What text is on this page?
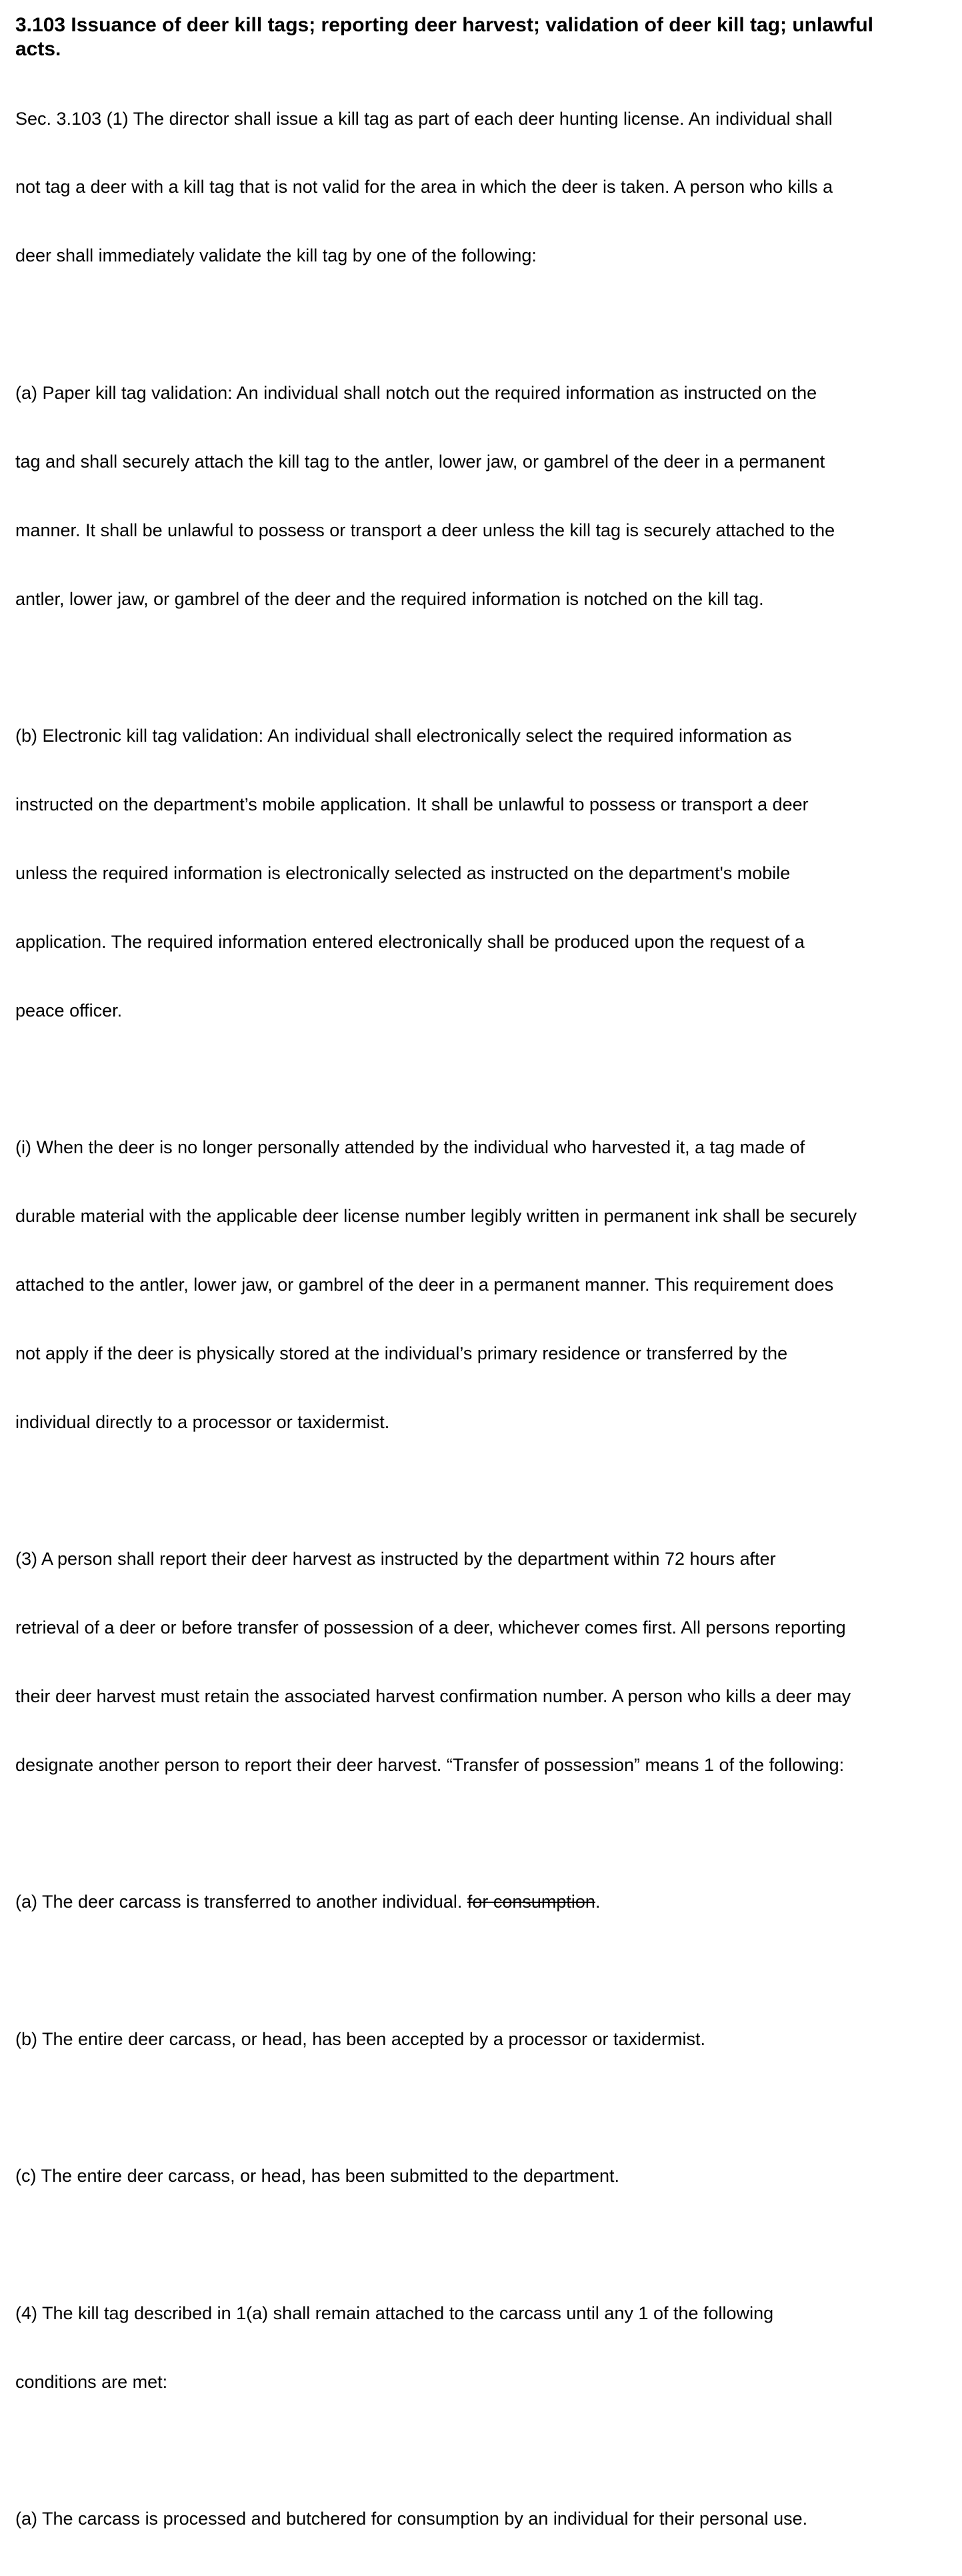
3.103 Issuance of deer kill tags; reporting deer harvest; validation of deer kill tag; unlawful acts.

Sec. 3.103 (1) The director shall issue a kill tag as part of each deer hunting license. An individual shall

not tag a deer with a kill tag that is not valid for the area in which the deer is taken. A person who kills a

deer shall immediately validate the kill tag by one of the following:

(a) Paper kill tag validation: An individual shall notch out the required information as instructed on the

tag and shall securely attach the kill tag to the antler, lower jaw, or gambrel of the deer in a permanent

manner. It shall be unlawful to possess or transport a deer unless the kill tag is securely attached to the

antler, lower jaw, or gambrel of the deer and the required information is notched on the kill tag.

(b) Electronic kill tag validation: An individual shall electronically select the required information as

instructed on the department’s mobile application. It shall be unlawful to possess or transport a deer

unless the required information is electronically selected as instructed on the department's mobile

application. The required information entered electronically shall be produced upon the request of a

peace officer.

(i) When the deer is no longer personally attended by the individual who harvested it, a tag made of

durable material with the applicable deer license number legibly written in permanent ink shall be securely

attached to the antler, lower jaw, or gambrel of the deer in a permanent manner. This requirement does

not apply if the deer is physically stored at the individual’s primary residence or transferred by the

individual directly to a processor or taxidermist.

(3) A person shall report their deer harvest as instructed by the department within 72 hours after

retrieval of a deer or before transfer of possession of a deer, whichever comes first. All persons reporting

their deer harvest must retain the associated harvest confirmation number. A person who kills a deer may

designate another person to report their deer harvest. “Transfer of possession” means 1 of the following:

(a) The deer carcass is transferred to another individual. for consumption.

(b) The entire deer carcass, or head, has been accepted by a processor or taxidermist.

(c) The entire deer carcass, or head, has been submitted to the department.

(4) The kill tag described in 1(a) shall remain attached to the carcass until any 1 of the following

conditions are met:

(a) The carcass is processed and butchered for consumption by an individual for their personal use.
